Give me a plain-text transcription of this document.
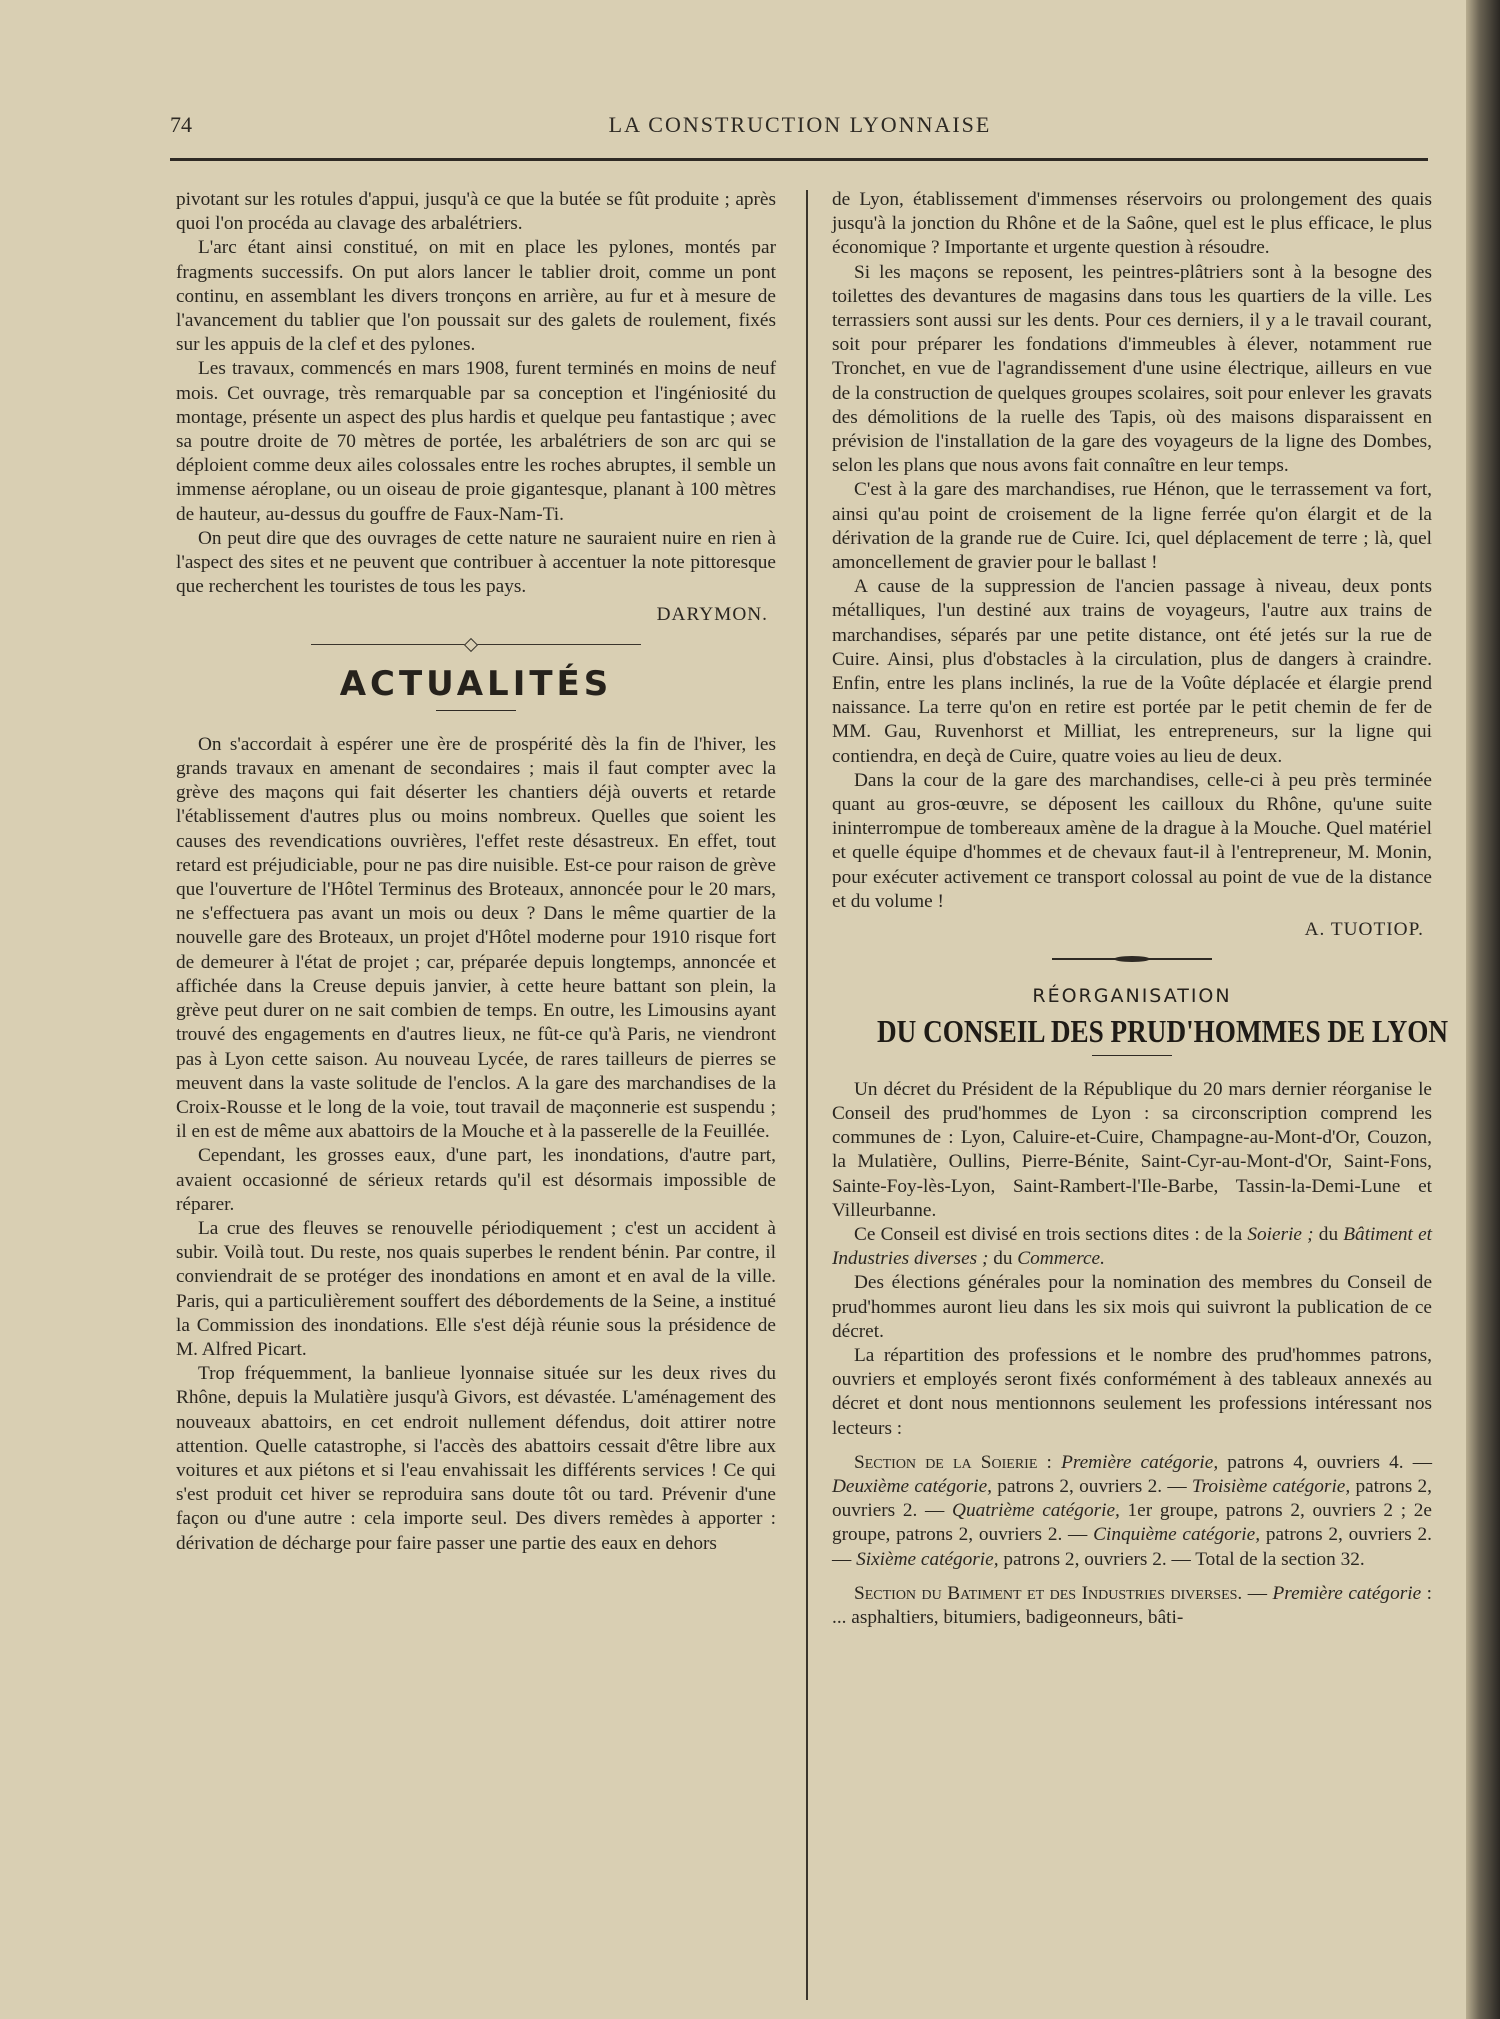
74	LA CONSTRUCTION LYONNAISE

pivotant sur les rotules d'appui, jusqu'à ce que la butée se fût produite ; après quoi l'on procéda au clavage des arbalétriers.

L'arc étant ainsi constitué, on mit en place les pylones, montés par fragments successifs. On put alors lancer le tablier droit, comme un pont continu, en assemblant les divers tronçons en arrière, au fur et à mesure de l'avancement du tablier que l'on poussait sur des galets de roulement, fixés sur les appuis de la clef et des pylones.

Les travaux, commencés en mars 1908, furent terminés en moins de neuf mois. Cet ouvrage, très remarquable par sa conception et l'ingéniosité du montage, présente un aspect des plus hardis et quelque peu fantastique ; avec sa poutre droite de 70 mètres de portée, les arbalétriers de son arc qui se déploient comme deux ailes colossales entre les roches abruptes, il semble un immense aéroplane, ou un oiseau de proie gigantesque, planant à 100 mètres de hauteur, au-dessus du gouffre de Faux-Nam-Ti.

On peut dire que des ouvrages de cette nature ne sauraient nuire en rien à l'aspect des sites et ne peuvent que contribuer à accentuer la note pittoresque que recherchent les touristes de tous les pays.

DARYMON.
ACTUALITÉS

On s'accordait à espérer une ère de prospérité dès la fin de l'hiver, les grands travaux en amenant de secondaires ; mais il faut compter avec la grève des maçons qui fait déserter les chantiers déjà ouverts et retarde l'établissement d'autres plus ou moins nombreux. Quelles que soient les causes des revendications ouvrières, l'effet reste désastreux. En effet, tout retard est préjudiciable, pour ne pas dire nuisible. Est-ce pour raison de grève que l'ouverture de l'Hôtel Terminus des Broteaux, annoncée pour le 20 mars, ne s'effectuera pas avant un mois ou deux ? Dans le même quartier de la nouvelle gare des Broteaux, un projet d'Hôtel moderne pour 1910 risque fort de demeurer à l'état de projet ; car, préparée depuis longtemps, annoncée et affichée dans la Creuse depuis janvier, à cette heure battant son plein, la grève peut durer on ne sait combien de temps. En outre, les Limousins ayant trouvé des engagements en d'autres lieux, ne fût-ce qu'à Paris, ne viendront pas à Lyon cette saison. Au nouveau Lycée, de rares tailleurs de pierres se meuvent dans la vaste solitude de l'enclos. A la gare des marchandises de la Croix-Rousse et le long de la voie, tout travail de maçonnerie est suspendu ; il en est de même aux abattoirs de la Mouche et à la passerelle de la Feuillée.

Cependant, les grosses eaux, d'une part, les inondations, d'autre part, avaient occasionné de sérieux retards qu'il est désormais impossible de réparer.

La crue des fleuves se renouvelle périodiquement ; c'est un accident à subir. Voilà tout. Du reste, nos quais superbes le rendent bénin. Par contre, il conviendrait de se protéger des inondations en amont et en aval de la ville. Paris, qui a particulièrement souffert des débordements de la Seine, a institué la Commission des inondations. Elle s'est déjà réunie sous la présidence de M. Alfred Picart.

Trop fréquemment, la banlieue lyonnaise située sur les deux rives du Rhône, depuis la Mulatière jusqu'à Givors, est dévastée. L'aménagement des nouveaux abattoirs, en cet endroit nullement défendus, doit attirer notre attention. Quelle catastrophe, si l'accès des abattoirs cessait d'être libre aux voitures et aux piétons et si l'eau envahissait les différents services ! Ce qui s'est produit cet hiver se reproduira sans doute tôt ou tard. Prévenir d'une façon ou d'une autre : cela importe seul. Des divers remèdes à apporter : dérivation de décharge pour faire passer une partie des eaux en dehors

de Lyon, établissement d'immenses réservoirs ou prolongement des quais jusqu'à la jonction du Rhône et de la Saône, quel est le plus efficace, le plus économique ? Importante et urgente question à résoudre.

Si les maçons se reposent, les peintres-plâtriers sont à la besogne des toilettes des devantures de magasins dans tous les quartiers de la ville. Les terrassiers sont aussi sur les dents. Pour ces derniers, il y a le travail courant, soit pour préparer les fondations d'immeubles à élever, notamment rue Tronchet, en vue de l'agrandissement d'une usine électrique, ailleurs en vue de la construction de quelques groupes scolaires, soit pour enlever les gravats des démolitions de la ruelle des Tapis, où des maisons disparaissent en prévision de l'installation de la gare des voyageurs de la ligne des Dombes, selon les plans que nous avons fait connaître en leur temps.

C'est à la gare des marchandises, rue Hénon, que le terrassement va fort, ainsi qu'au point de croisement de la ligne ferrée qu'on élargit et de la dérivation de la grande rue de Cuire. Ici, quel déplacement de terre ; là, quel amoncellement de gravier pour le ballast !

A cause de la suppression de l'ancien passage à niveau, deux ponts métalliques, l'un destiné aux trains de voyageurs, l'autre aux trains de marchandises, séparés par une petite distance, ont été jetés sur la rue de Cuire. Ainsi, plus d'obstacles à la circulation, plus de dangers à craindre. Enfin, entre les plans inclinés, la rue de la Voûte déplacée et élargie prend naissance. La terre qu'on en retire est portée par le petit chemin de fer de MM. Gau, Ruvenhorst et Milliat, les entrepreneurs, sur la ligne qui contiendra, en deçà de Cuire, quatre voies au lieu de deux.

Dans la cour de la gare des marchandises, celle-ci à peu près terminée quant au gros-œuvre, se déposent les cailloux du Rhône, qu'une suite ininterrompue de tombereaux amène de la drague à la Mouche. Quel matériel et quelle équipe d'hommes et de chevaux faut-il à l'entrepreneur, M. Monin, pour exécuter activement ce transport colossal au point de vue de la distance et du volume !

A. TUOTIOP.
RÉORGANISATION
DU CONSEIL DES PRUD'HOMMES DE LYON

Un décret du Président de la République du 20 mars dernier réorganise le Conseil des prud'hommes de Lyon : sa circonscription comprend les communes de : Lyon, Caluire-et-Cuire, Champagne-au-Mont-d'Or, Couzon, la Mulatière, Oullins, Pierre-Bénite, Saint-Cyr-au-Mont-d'Or, Saint-Fons, Sainte-Foy-lès-Lyon, Saint-Rambert-l'Ile-Barbe, Tassin-la-Demi-Lune et Villeurbanne.

Ce Conseil est divisé en trois sections dites : de la Soierie ; du Bâtiment et Industries diverses ; du Commerce.

Des élections générales pour la nomination des membres du Conseil de prud'hommes auront lieu dans les six mois qui suivront la publication de ce décret.

La répartition des professions et le nombre des prud'hommes patrons, ouvriers et employés seront fixés conformément à des tableaux annexés au décret et dont nous mentionnons seulement les professions intéressant nos lecteurs :

Section de la Soierie : Première catégorie, patrons 4, ouvriers 4. — Deuxième catégorie, patrons 2, ouvriers 2. — Troisième catégorie, patrons 2, ouvriers 2. — Quatrième catégorie, 1er groupe, patrons 2, ouvriers 2 ; 2e groupe, patrons 2, ouvriers 2. — Cinquième catégorie, patrons 2, ouvriers 2. — Sixième catégorie, patrons 2, ouvriers 2. — Total de la section 32.

Section du Batiment et des Industries diverses. — Première catégorie : ... asphaltiers, bitumiers, badigeonneurs, bâti-
